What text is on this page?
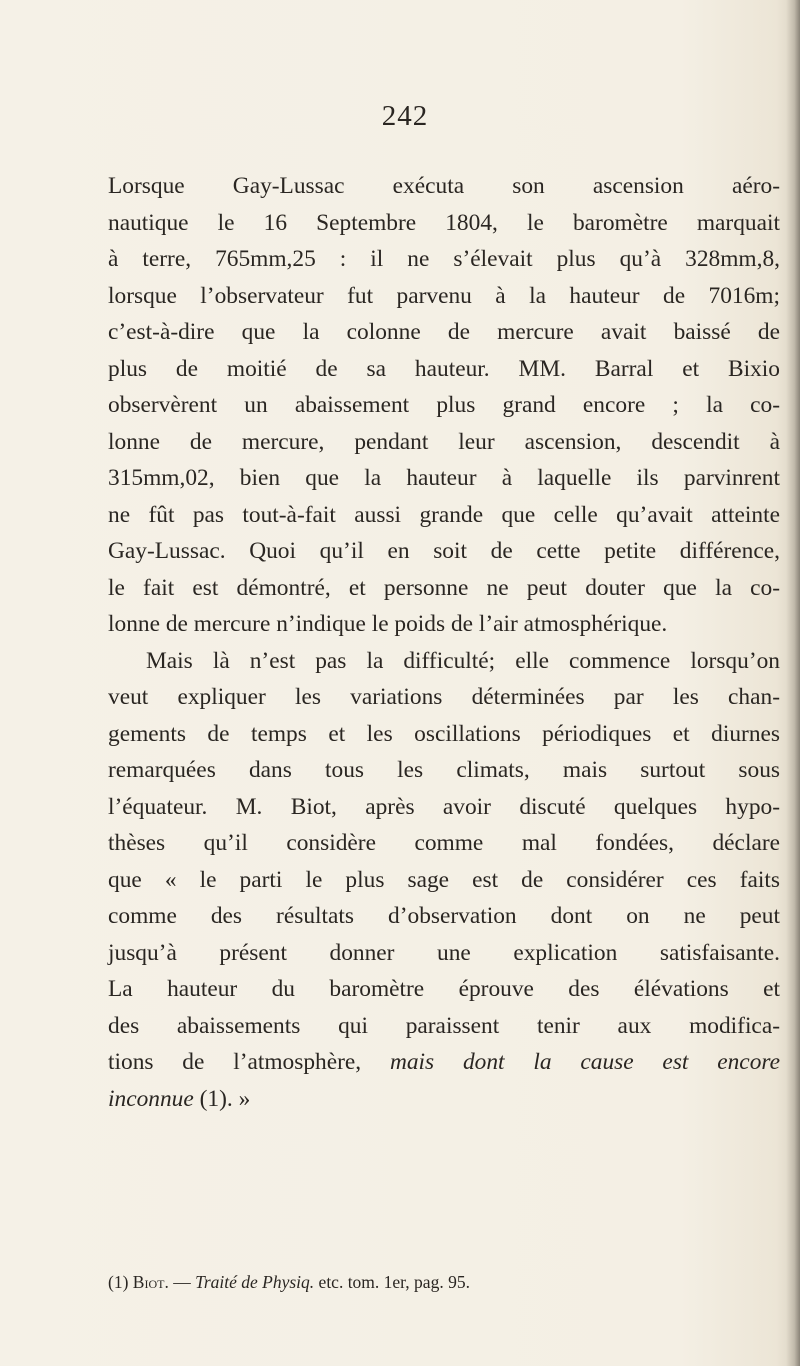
242
Lorsque Gay-Lussac exécuta son ascension aéro-
nautique le 16 Septembre 1804, le baromètre marquait
à terre, 765mm,25 : il ne s’élevait plus qu’à 328mm,8,
lorsque l’observateur fut parvenu à la hauteur de 7016m;
c’est-à-dire que la colonne de mercure avait baissé de
plus de moitié de sa hauteur. MM. Barral et Bixio
observèrent un abaissement plus grand encore ; la co-
lonne de mercure, pendant leur ascension, descendit à
315mm,02, bien que la hauteur à laquelle ils parvinrent
ne fût pas tout-à-fait aussi grande que celle qu’avait atteinte
Gay-Lussac. Quoi qu’il en soit de cette petite différence,
le fait est démontré, et personne ne peut douter que la co-
lonne de mercure n’indique le poids de l’air atmosphérique.
Mais là n’est pas la difficulté; elle commence lorsqu’on
veut expliquer les variations déterminées par les chan-
gements de temps et les oscillations périodiques et diurnes
remarquées dans tous les climats, mais surtout sous
l’équateur. M. Biot, après avoir discuté quelques hypo-
thèses qu’il considère comme mal fondées, déclare
que « le parti le plus sage est de considérer ces faits
comme des résultats d’observation dont on ne peut
jusqu’à présent donner une explication satisfaisante.
La hauteur du baromètre éprouve des élévations et
des abaissements qui paraissent tenir aux modifica-
tions de l’atmosphère, mais dont la cause est encore
inconnue (1). »
(1) Biot. — Traité de Physiq. etc. tom. 1er, pag. 95.
